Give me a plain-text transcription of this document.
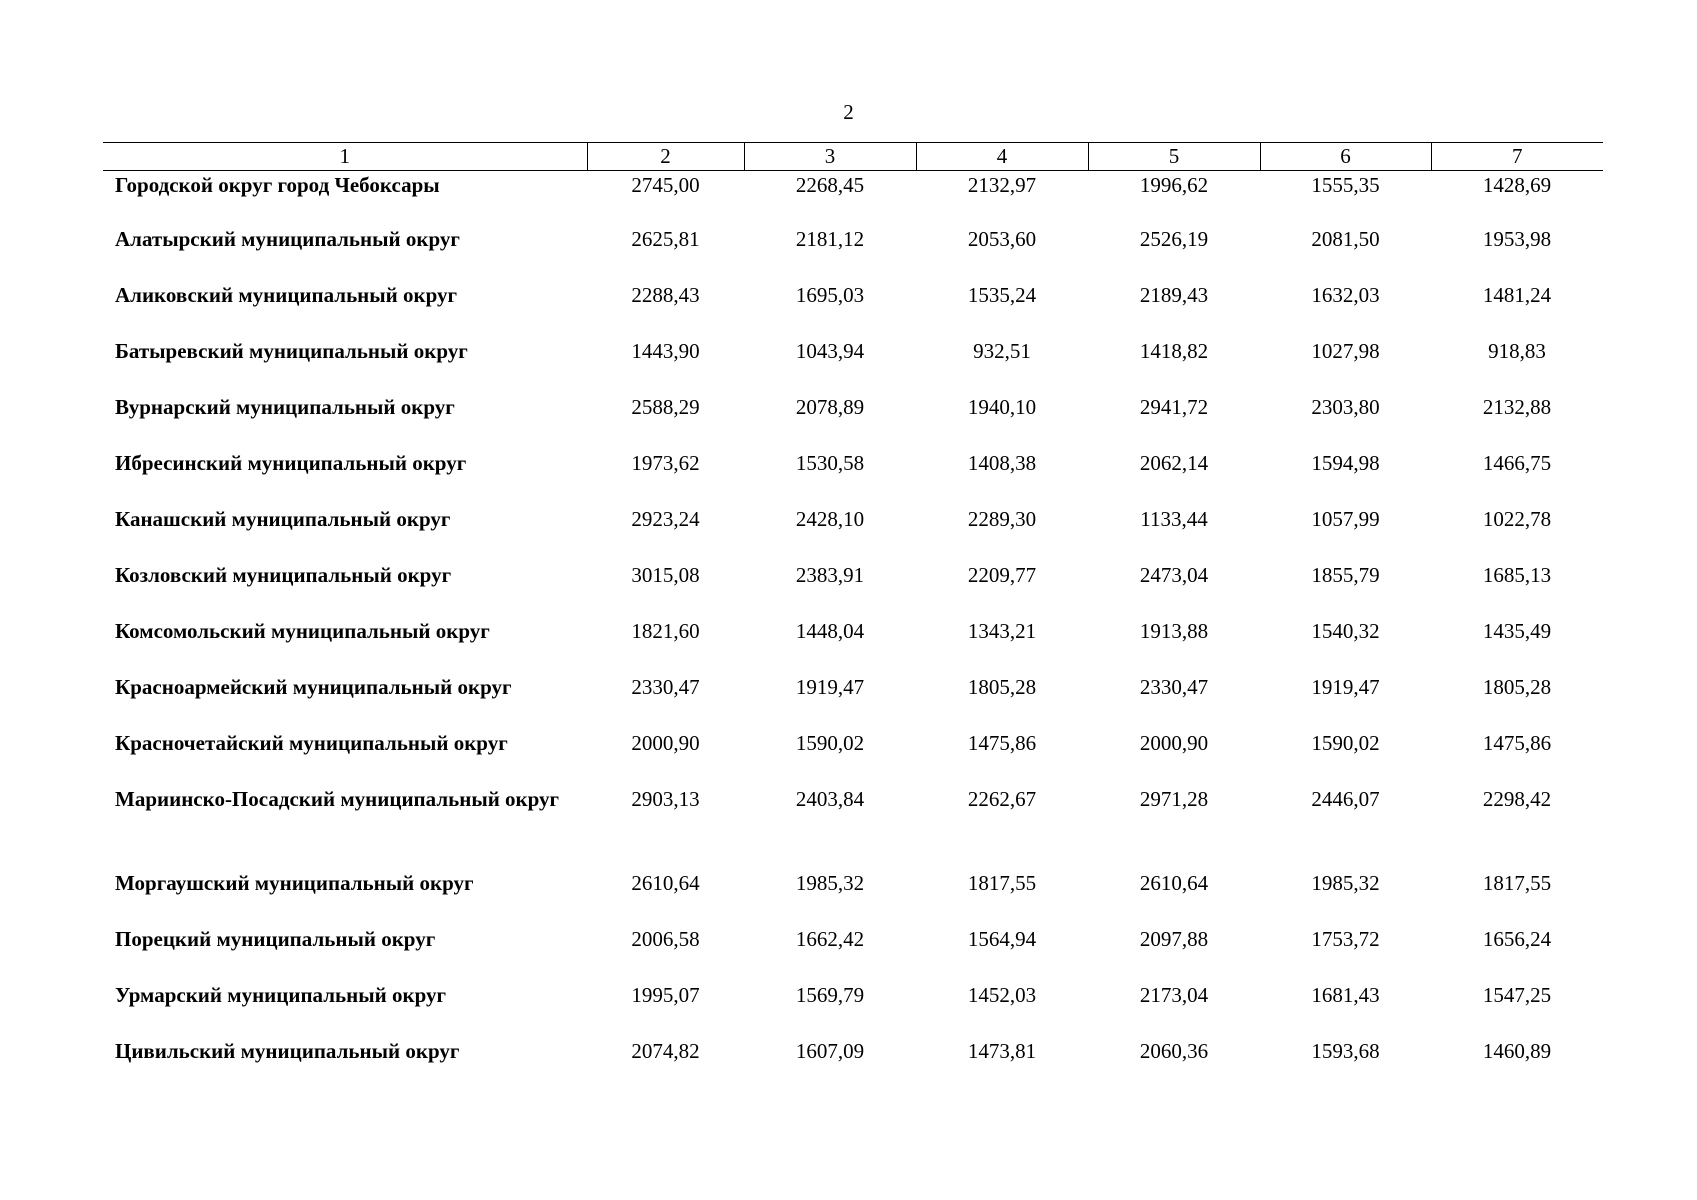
2
1	2	3	4	5	6	7
Городской округ город Чебоксары	2745,00	2268,45	2132,97	1996,62	1555,35	1428,69
Алатырский муниципальный округ	2625,81	2181,12	2053,60	2526,19	2081,50	1953,98
Аликовский муниципальный округ	2288,43	1695,03	1535,24	2189,43	1632,03	1481,24
Батыревский муниципальный округ	1443,90	1043,94	932,51	1418,82	1027,98	918,83
Вурнарский муниципальный округ	2588,29	2078,89	1940,10	2941,72	2303,80	2132,88
Ибресинский муниципальный округ	1973,62	1530,58	1408,38	2062,14	1594,98	1466,75
Канашский муниципальный округ	2923,24	2428,10	2289,30	1133,44	1057,99	1022,78
Козловский муниципальный округ	3015,08	2383,91	2209,77	2473,04	1855,79	1685,13
Комсомольский муниципальный округ	1821,60	1448,04	1343,21	1913,88	1540,32	1435,49
Красноармейский муниципальный округ	2330,47	1919,47	1805,28	2330,47	1919,47	1805,28
Красночетайский муниципальный округ	2000,90	1590,02	1475,86	2000,90	1590,02	1475,86
Мариинско-Посадский муниципальный округ	2903,13	2403,84	2262,67	2971,28	2446,07	2298,42
Моргаушский муниципальный округ	2610,64	1985,32	1817,55	2610,64	1985,32	1817,55
Порецкий муниципальный округ	2006,58	1662,42	1564,94	2097,88	1753,72	1656,24
Урмарский муниципальный округ	1995,07	1569,79	1452,03	2173,04	1681,43	1547,25
Цивильский муниципальный округ	2074,82	1607,09	1473,81	2060,36	1593,68	1460,89
